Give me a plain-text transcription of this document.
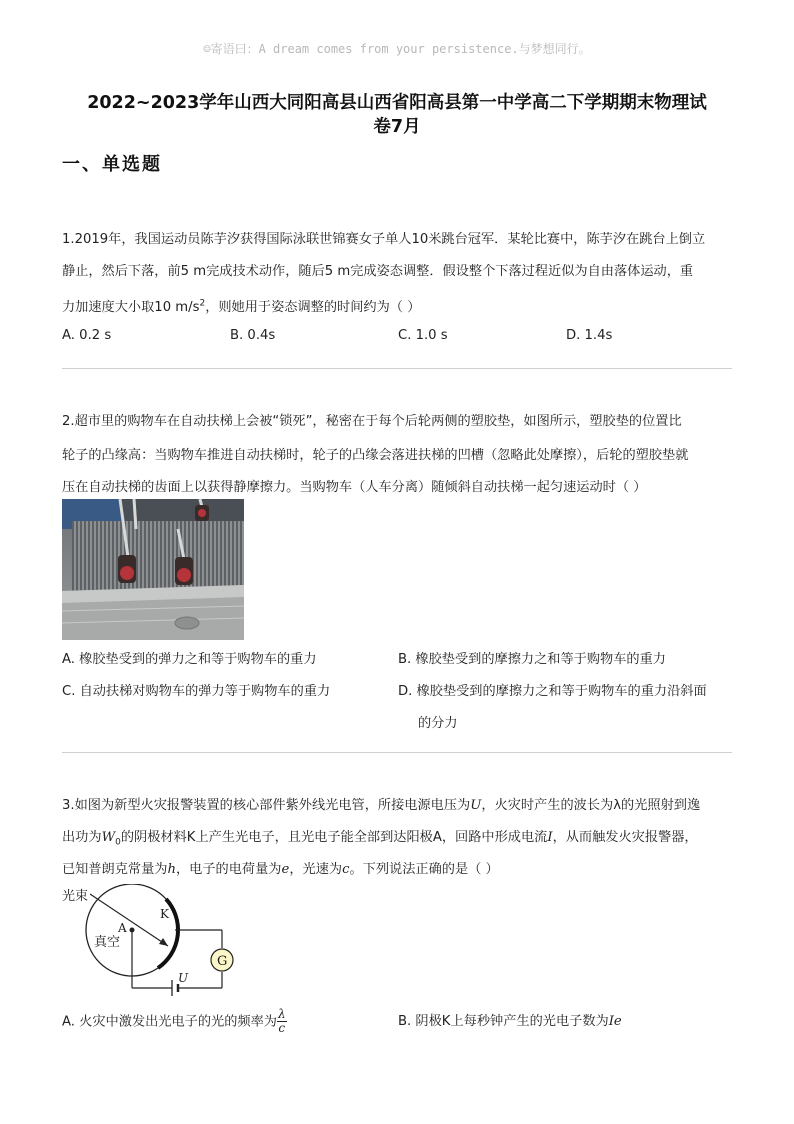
☺寄语曰：A dream comes from your persistence.与梦想同行。
2022~2023学年山西大同阳高县山西省阳高县第一中学高二下学期期末物理试
卷7月
一、单选题
1.2019年，我国运动员陈芋汐获得国际泳联世锦赛女子单人10米跳台冠军．某轮比赛中，陈芋汐在跳台上倒立
静止，然后下落，前5 m完成技术动作，随后5 m完成姿态调整．假设整个下落过程近似为自由落体运动，重
力加速度大小取10 $m/s^2$，则她用于姿态调整的时间约为（ ）
A. 0.2 s	B. 0.4s	C. 1.0 s	D. 1.4s
2.超市里的购物车在自动扶梯上会被“锁死”，秘密在于每个后轮两侧的塑胶垫，如图所示，塑胶垫的位置比
轮子的凸缘高：当购物车推进自动扶梯时，轮子的凸缘会落进扶梯的凹槽（忽略此处摩擦），后轮的塑胶垫就
压在自动扶梯的齿面上以获得静摩擦力。当购物车（人车分离）随倾斜自动扶梯一起匀速运动时（ ）
A. 橡胶垫受到的弹力之和等于购物车的重力	B. 橡胶垫受到的摩擦力之和等于购物车的重力
C. 自动扶梯对购物车的弹力等于购物车的重力	D. 橡胶垫受到的摩擦力之和等于购物车的重力沿斜面
的分力
3.如图为新型火灾报警装置的核心部件紫外线光电管，所接电源电压为U，火灾时产生的波长为λ的光照射到逸
出功为$W_0$的阴极材料K上产生光电子，且光电子能全部到达阳极A，回路中形成电流I，从而触发火灾报警器，
已知普朗克常量为h，电子的电荷量为e，光速为c。下列说法正确的是（ ）
光束
A
K
真空
U
G
A. 火灾中激发出光电子的光的频率为 $\frac{\lambda}{c}$	B. 阴极K上每秒钟产生的光电子数为Ie
